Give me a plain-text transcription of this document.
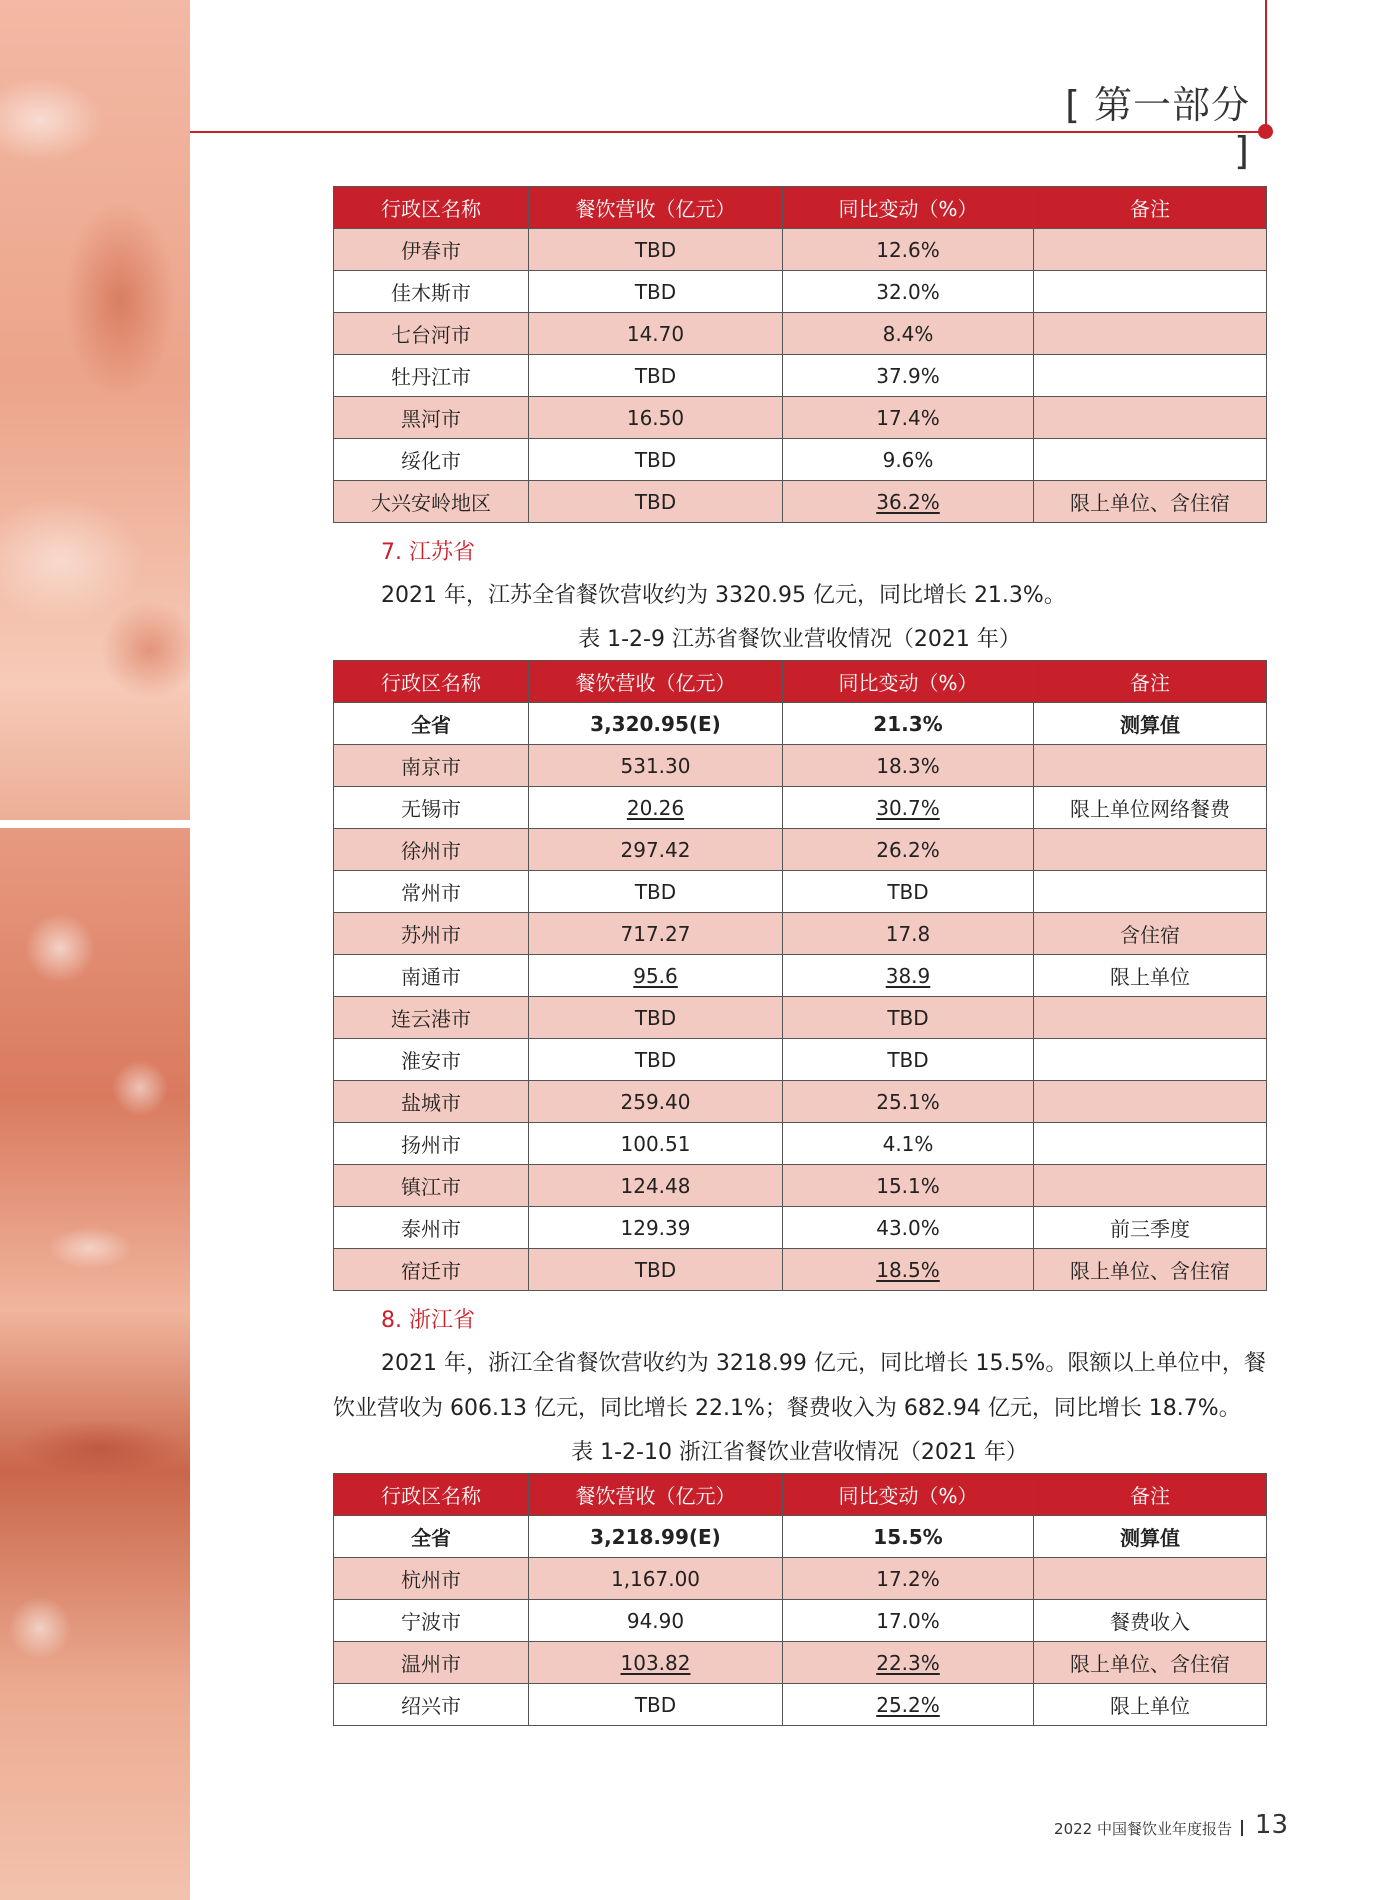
[ 第一部分 ]
行政区名称	餐饮营收（亿元）	同比变动（%）	备注
伊春市	TBD	12.6%	
佳木斯市	TBD	32.0%	
七台河市	14.70	8.4%	
牡丹江市	TBD	37.9%	
黑河市	16.50	17.4%	
绥化市	TBD	9.6%	
大兴安岭地区	TBD	36.2%	限上单位、含住宿
7. 江苏省

2021 年，江苏全省餐饮营收约为 3320.95 亿元，同比增长 21.3%。

表 1-2-9 江苏省餐饮业营收情况（2021 年）
行政区名称	餐饮营收（亿元）	同比变动（%）	备注
全省	3,320.95(E)	21.3%	测算值
南京市	531.30	18.3%	
无锡市	20.26	30.7%	限上单位网络餐费
徐州市	297.42	26.2%	
常州市	TBD	TBD	
苏州市	717.27	17.8	含住宿
南通市	95.6	38.9	限上单位
连云港市	TBD	TBD	
淮安市	TBD	TBD	
盐城市	259.40	25.1%	
扬州市	100.51	4.1%	
镇江市	124.48	15.1%	
泰州市	129.39	43.0%	前三季度
宿迁市	TBD	18.5%	限上单位、含住宿
8. 浙江省

2021 年，浙江全省餐饮营收约为 3218.99 亿元，同比增长 15.5%。限额以上单位中，餐饮业营收为 606.13 亿元，同比增长 22.1%；餐费收入为 682.94 亿元，同比增长 18.7%。

表 1-2-10 浙江省餐饮业营收情况（2021 年）
行政区名称	餐饮营收（亿元）	同比变动（%）	备注
全省	3,218.99(E)	15.5%	测算值
杭州市	1,167.00	17.2%	
宁波市	94.90	17.0%	餐费收入
温州市	103.82	22.3%	限上单位、含住宿
绍兴市	TBD	25.2%	限上单位
2022 中国餐饮业年度报告 13
